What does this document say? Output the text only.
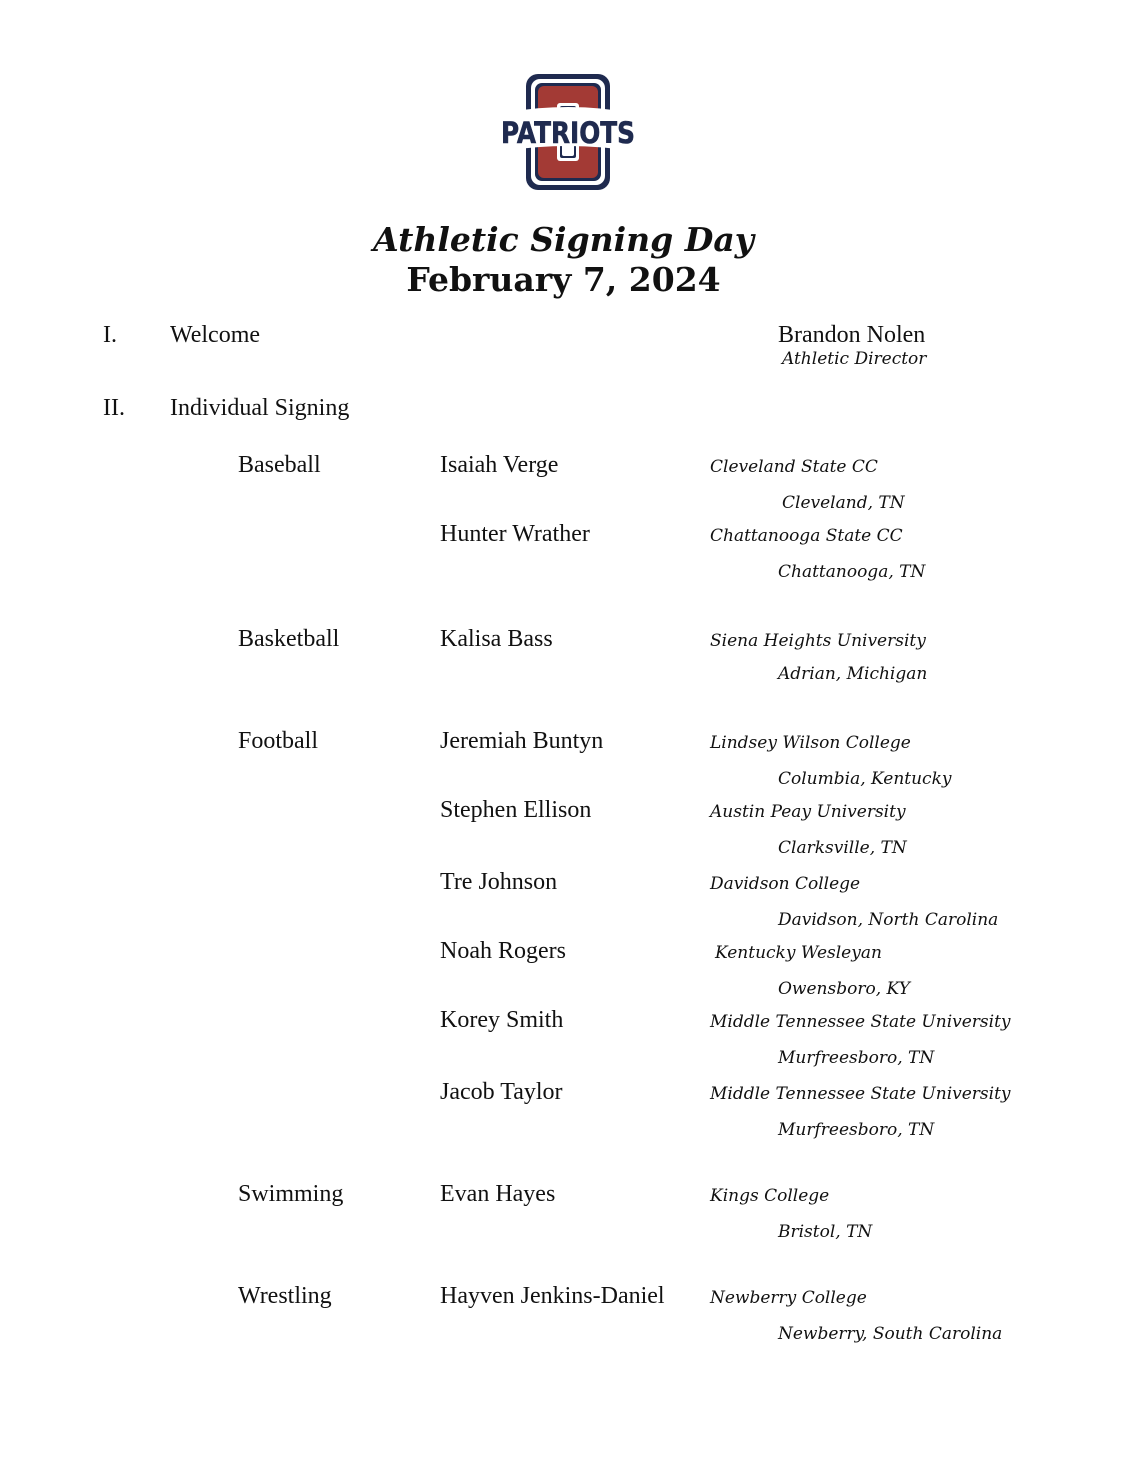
PATRIOTS
Athletic Signing Day
February 7, 2024
I. Welcome	Brandon Nolen
Athletic Director
II. Individual Signing
Baseball	Isaiah Verge	Cleveland State CC
Cleveland, TN
Hunter Wrather	Chattanooga State CC
Chattanooga, TN
Basketball	Kalisa Bass	Siena Heights University
Adrian, Michigan
Football	Jeremiah Buntyn	Lindsey Wilson College
Columbia, Kentucky
Stephen Ellison	Austin Peay University
Clarksville, TN
Tre Johnson	Davidson College
Davidson, North Carolina
Noah Rogers	Kentucky Wesleyan
Owensboro, KY
Korey Smith	Middle Tennessee State University
Murfreesboro, TN
Jacob Taylor	Middle Tennessee State University
Murfreesboro, TN
Swimming	Evan Hayes	Kings College
Bristol, TN
Wrestling	Hayven Jenkins-Daniel	Newberry College
Newberry, South Carolina
